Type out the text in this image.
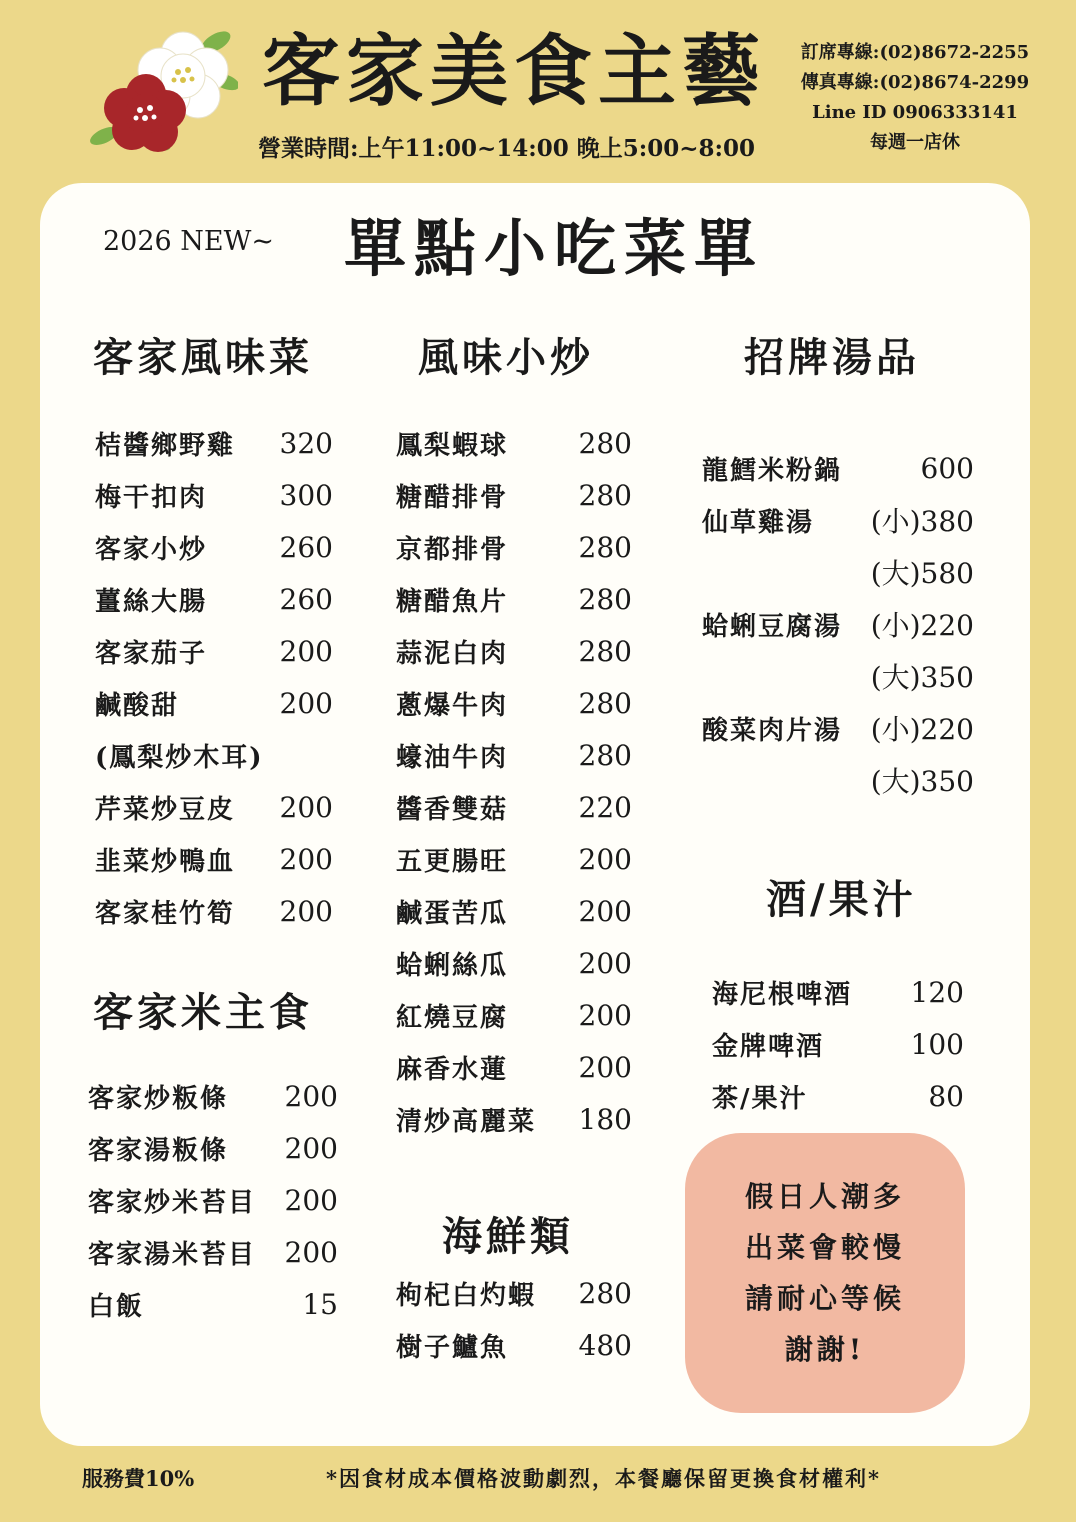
客家美食主藝
營業時間:上午11:00~14:00 晚上5:00~8:00
訂席專線:(02)8672-2255
傳真專線:(02)8674-2299
Line ID 0906333141
每週一店休
2026 NEW~ 單點小吃菜單
客家風味菜
桔醬鄉野雞 320
梅干扣肉	300
客家小炒	260
薑絲大腸	260
客家茄子	200
鹹酸甜	200
(鳳梨炒木耳)
芹菜炒豆皮 200
韭菜炒鴨血 200
客家桂竹筍 200
客家米主食
客家炒粄條 200
客家湯粄條 200
客家炒米苔目 200
客家湯米苔目 200
白飯	15
風味小炒
鳳梨蝦球	280
糖醋排骨	280
京都排骨	280
糖醋魚片	280
蒜泥白肉	280
蔥爆牛肉	280
蠔油牛肉	280
醬香雙菇	220
五更腸旺	200
鹹蛋苦瓜	200
蛤蜊絲瓜	200
紅燒豆腐	200
麻香水蓮	200
清炒高麗菜 180
海鮮類
枸杞白灼蝦 280
樹子鱸魚	480
招牌湯品
龍鱈米粉鍋	600
仙草雞湯 (小)380
(大)580
蛤蜊豆腐湯 (小)220
(大)350
酸菜肉片湯 (小)220
(大)350
酒/果汁
海尼根啤酒 120
金牌啤酒	100
茶/果汁	80
假日人潮多
出菜會較慢
請耐心等候
謝謝!
服務費10%	*因食材成本價格波動劇烈，本餐廳保留更換食材權利*
